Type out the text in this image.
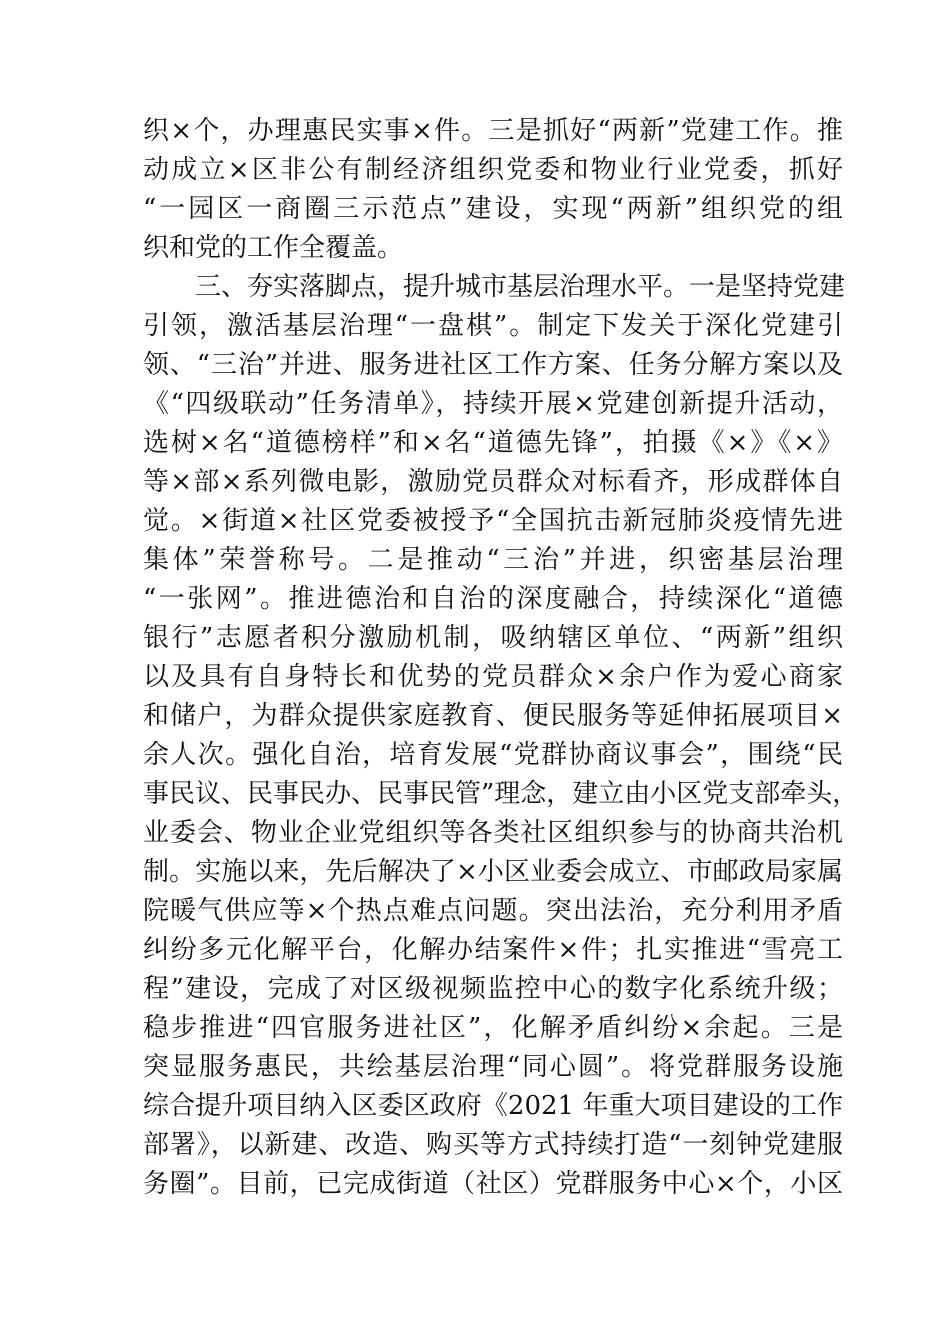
织×个，办理惠民实事×件。三是抓好“两新”党建工作。推
动成立×区非公有制经济组织党委和物业行业党委，抓好
“一园区一商圈三示范点”建设，实现“两新”组织党的组
织和党的工作全覆盖。
三、夯实落脚点，提升城市基层治理水平。一是坚持党建
引领，激活基层治理“一盘棋”。制定下发关于深化党建引
领、“三治”并进、服务进社区工作方案、任务分解方案以及
《“四级联动”任务清单》，持续开展×党建创新提升活动，
选树×名“道德榜样”和×名“道德先锋”，拍摄《×》《×》
等×部×系列微电影，激励党员群众对标看齐，形成群体自
觉。×街道×社区党委被授予“全国抗击新冠肺炎疫情先进
集体”荣誉称号。二是推动“三治”并进，织密基层治理
“一张网”。推进德治和自治的深度融合，持续深化“道德
银行”志愿者积分激励机制，吸纳辖区单位、“两新”组织
以及具有自身特长和优势的党员群众×余户作为爱心商家
和储户，为群众提供家庭教育、便民服务等延伸拓展项目×
余人次。强化自治，培育发展“党群协商议事会”，围绕“民
事民议、民事民办、民事民管”理念，建立由小区党支部牵头，
业委会、物业企业党组织等各类社区组织参与的协商共治机
制。实施以来，先后解决了×小区业委会成立、市邮政局家属
院暖气供应等×个热点难点问题。突出法治，充分利用矛盾
纠纷多元化解平台，化解办结案件×件；扎实推进“雪亮工
程”建设，完成了对区级视频监控中心的数字化系统升级；
稳步推进“四官服务进社区”，化解矛盾纠纷×余起。三是
突显服务惠民，共绘基层治理“同心圆”。将党群服务设施
综合提升项目纳入区委区政府《2021 年重大项目建设的工作
部署》，以新建、改造、购买等方式持续打造“一刻钟党建服
务圈”。目前，已完成街道（社区）党群服务中心×个，小区
